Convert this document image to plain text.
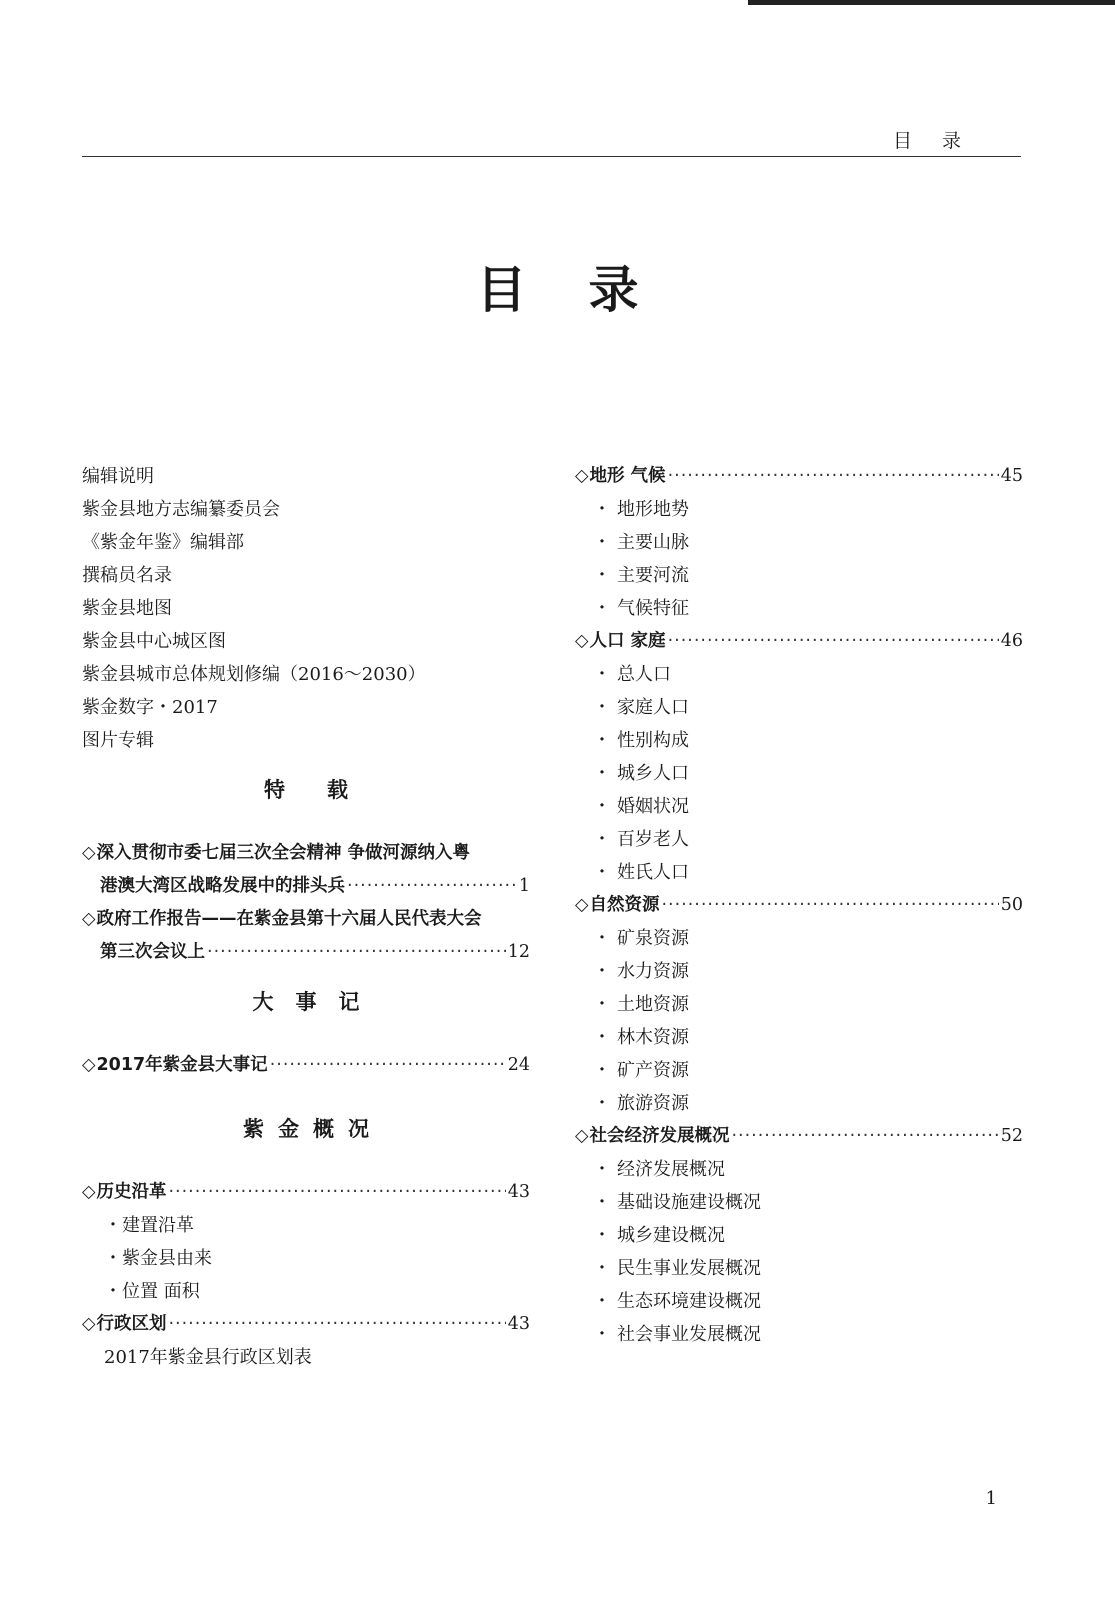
目录
目录
编辑说明
紫金县地方志编纂委员会
《紫金年鉴》编辑部
撰稿员名录
紫金县地图
紫金县中心城区图
紫金县城市总体规划修编（2016～2030）
紫金数字・2017
图片专辑
特载
◇深入贯彻市委七届三次全会精神 争做河源纳入粤
港澳大湾区战略发展中的排头兵 ·····	1
◇政府工作报告——在紫金县第十六届人民代表大会
第三次会议上 ·····	12
大事记
◇2017年紫金县大事记 ·····	24
紫金概况
◇历史沿革 ·····	43
・建置沿革
・紫金县由来
・位置 面积
◇行政区划 ·····	43
2017年紫金县行政区划表
◇地形 气候 ·····	45
・ 地形地势
・ 主要山脉
・ 主要河流
・ 气候特征
◇人口 家庭 ·····	46
・ 总人口
・ 家庭人口
・ 性别构成
・ 城乡人口
・ 婚姻状况
・ 百岁老人
・ 姓氏人口
◇自然资源 ·····	50
・ 矿泉资源
・ 水力资源
・ 土地资源
・ 林木资源
・ 矿产资源
・ 旅游资源
◇社会经济发展概况 ·····	52
・ 经济发展概况
・ 基础设施建设概况
・ 城乡建设概况
・ 民生事业发展概况
・ 生态环境建设概况
・ 社会事业发展概况
1
